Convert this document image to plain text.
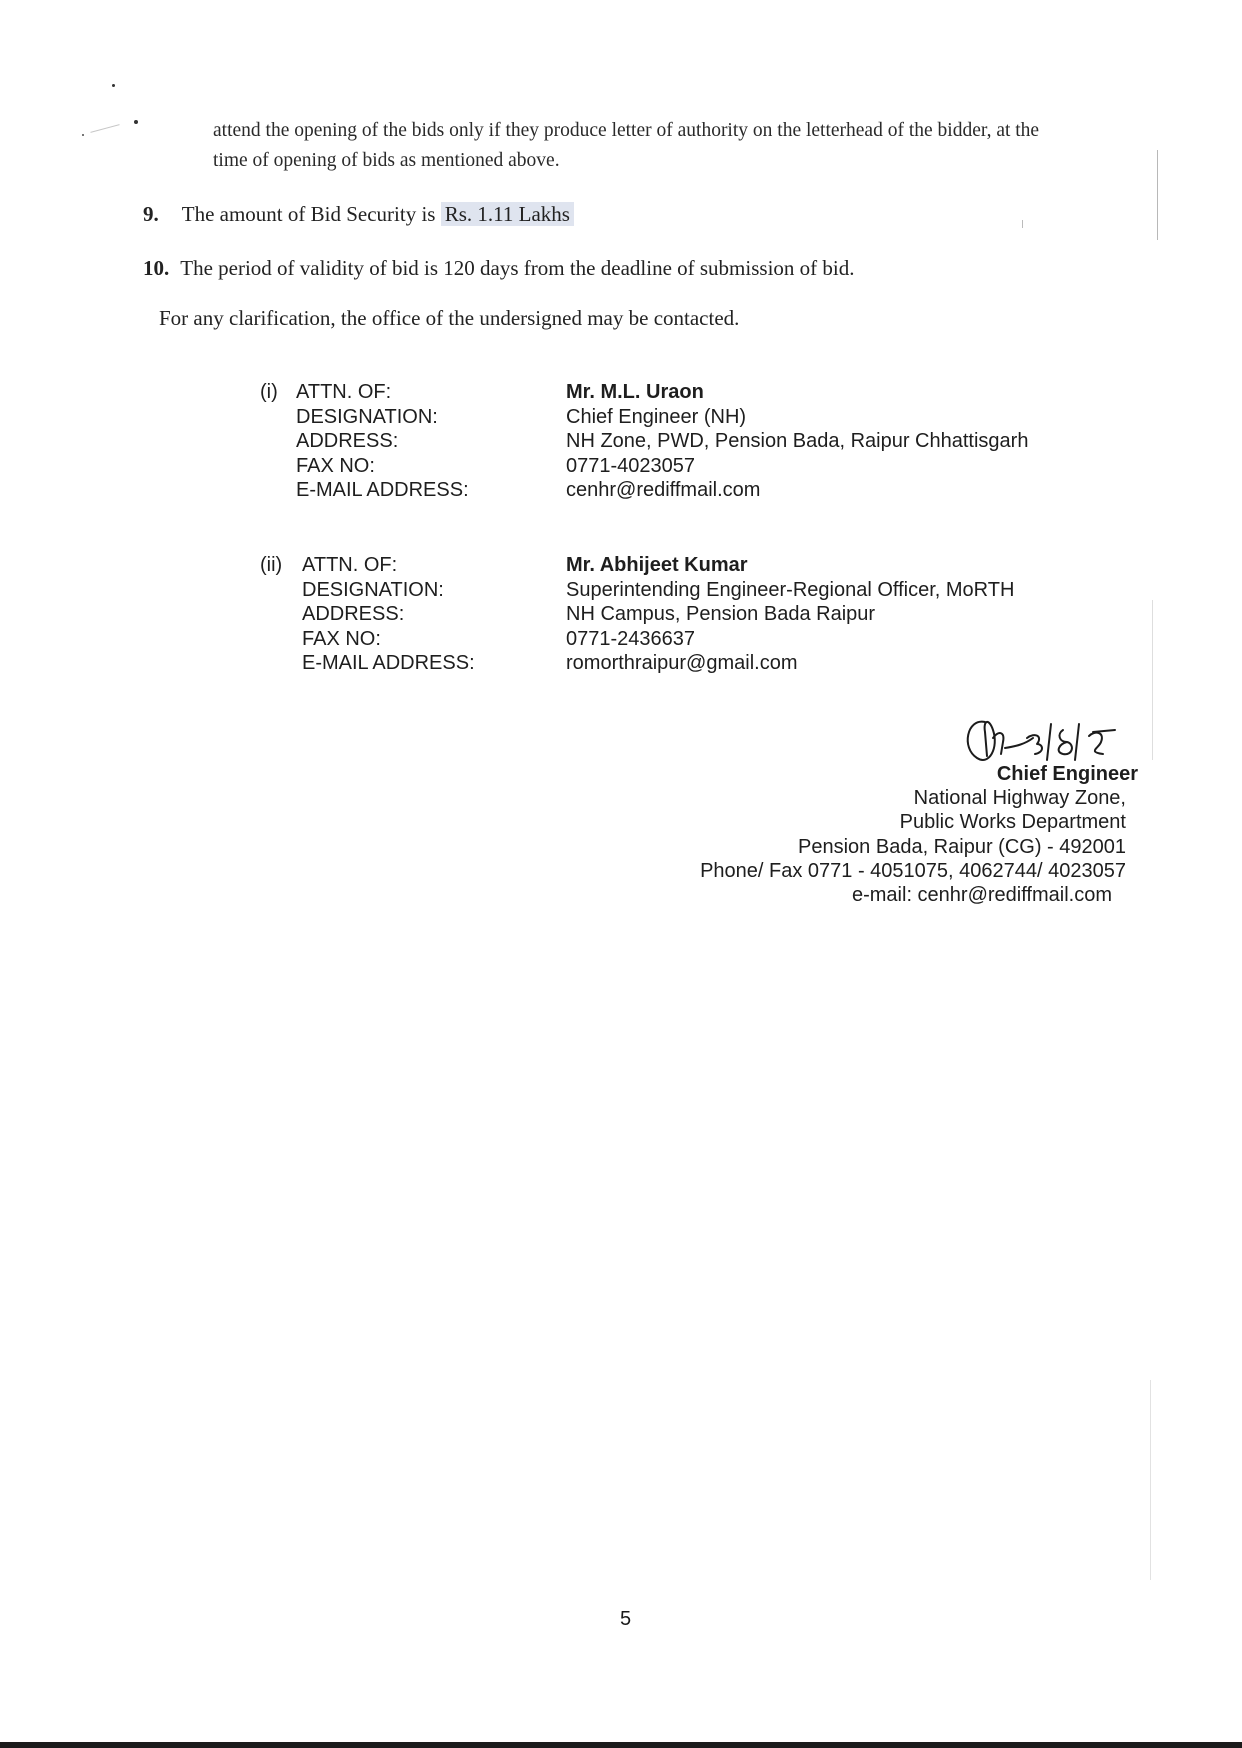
attend the opening of the bids only if they produce letter of authority on the letterhead of the bidder, at the
time of opening of bids as mentioned above.
9. The amount of Bid Security is Rs. 1.11 Lakhs
10. The period of validity of bid is 120 days from the deadline of submission of bid.
For any clarification, the office of the undersigned may be contacted.
(i) ATTN. OF:
DESIGNATION:
ADDRESS:
FAX NO:
E-MAIL ADDRESS:
Mr. M.L. Uraon
Chief Engineer (NH)
NH Zone, PWD, Pension Bada, Raipur Chhattisgarh
0771-4023057
cenhr@rediffmail.com
(ii) ATTN. OF:
DESIGNATION:
ADDRESS:
FAX NO:
E-MAIL ADDRESS:
Mr. Abhijeet Kumar
Superintending Engineer-Regional Officer, MoRTH
NH Campus, Pension Bada Raipur
0771-2436637
romorthraipur@gmail.com
Chief Engineer
National Highway Zone,
Public Works Department
Pension Bada, Raipur (CG) - 492001
Phone/ Fax 0771 - 4051075, 4062744/ 4023057
e-mail: cenhr@rediffmail.com
5
